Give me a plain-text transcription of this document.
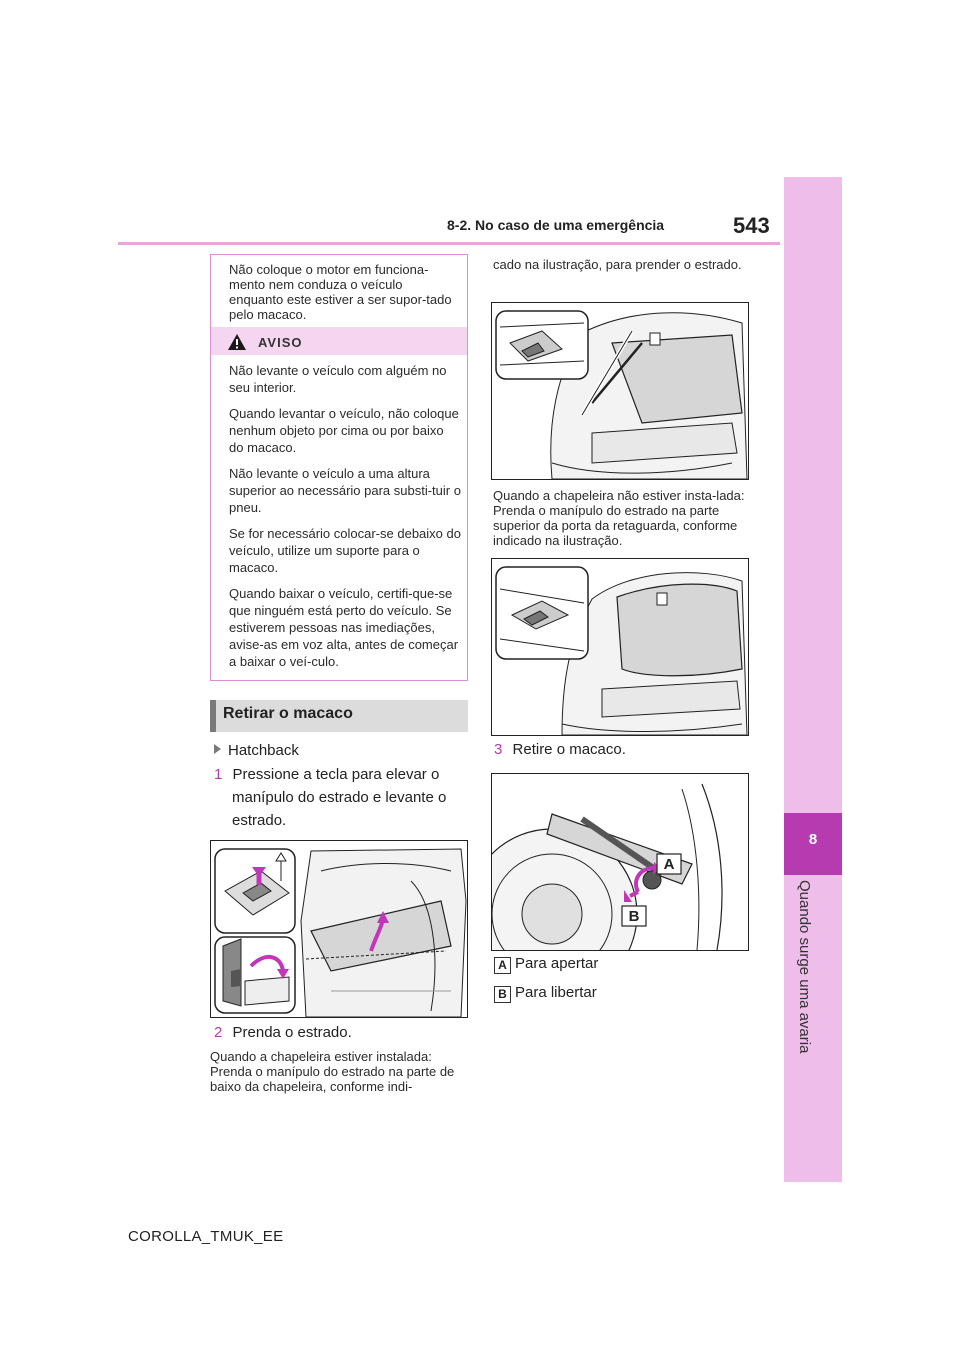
8-2. No caso de uma emergência	543
8
Quando surge uma avaria
Não coloque o motor em funciona-mento nem conduza o veículo enquanto este estiver a ser supor-tado pelo macaco.
AVISO

Não levante o veículo com alguém no seu interior.

Quando levantar o veículo, não coloque nenhum objeto por cima ou por baixo do macaco.

Não levante o veículo a uma altura superior ao necessário para substi-tuir o pneu.

Se for necessário colocar-se debaixo do veículo, utilize um suporte para o macaco.

Quando baixar o veículo, certifi-que-se que ninguém está perto do veículo. Se estiverem pessoas nas imediações, avise-as em voz alta, antes de começar a baixar o veí-culo.

Retirar o macaco
Hatchback
1 Pressione a tecla para elevar o
manípulo do estrado e levante o
estrado.
2 Prenda o estrado.
Quando a chapeleira estiver instalada: Prenda o manípulo do estrado na parte de baixo da chapeleira, conforme indi-
cado na ilustração, para prender o estrado.
Quando a chapeleira não estiver insta-lada: Prenda o manípulo do estrado na parte superior da porta da retaguarda, conforme indicado na ilustração.
3 Retire o macaco.
A
B
A Para apertar
B Para libertar
COROLLA_TMUK_EE
